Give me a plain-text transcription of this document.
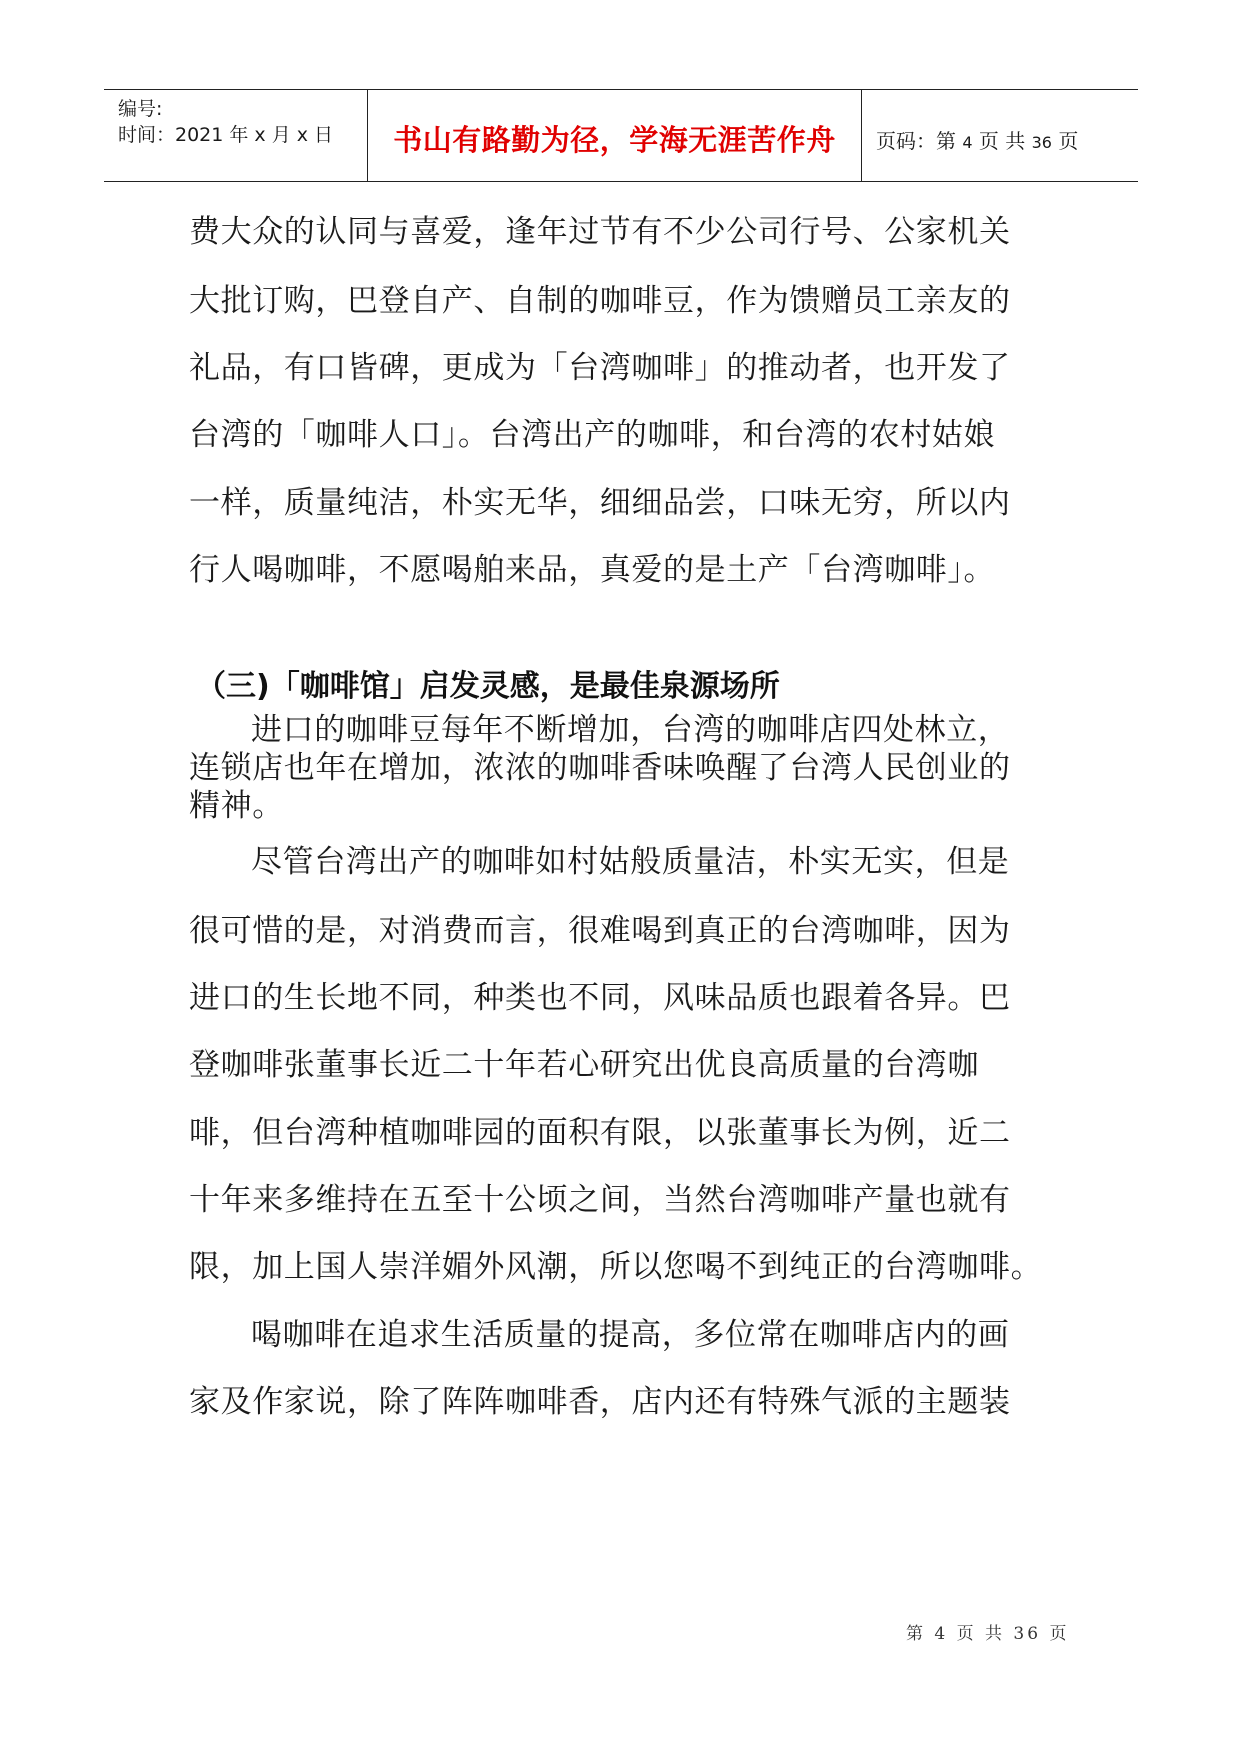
编号:
时间：2021 年 x 月 x 日	书山有路勤为径，学海无涯苦作舟	页码：第 4 页 共 36 页
费大众的认同与喜爱，逢年过节有不少公司行号、公家机关
大批订购，巴登自产、自制的咖啡豆，作为馈赠员工亲友的
礼品，有口皆碑，更成为「台湾咖啡」的推动者，也开发了
台湾的「咖啡人口」。台湾出产的咖啡，和台湾的农村姑娘
一样，质量纯洁，朴实无华，细细品尝，口味无穷，所以内
行人喝咖啡，不愿喝舶来品，真爱的是土产「台湾咖啡」。
（三)「咖啡馆」启发灵感，是最佳泉源场所
进口的咖啡豆每年不断增加，台湾的咖啡店四处林立，
连锁店也年在增加，浓浓的咖啡香味唤醒了台湾人民创业的
精神。
尽管台湾出产的咖啡如村姑般质量洁，朴实无实，但是
很可惜的是，对消费而言，很难喝到真正的台湾咖啡，因为
进口的生长地不同，种类也不同，风味品质也跟着各异。巴
登咖啡张董事长近二十年若心研究出优良高质量的台湾咖
啡，但台湾种植咖啡园的面积有限，以张董事长为例，近二
十年来多维持在五至十公顷之间，当然台湾咖啡产量也就有
限，加上国人崇洋媚外风潮，所以您喝不到纯正的台湾咖啡。
喝咖啡在追求生活质量的提高，多位常在咖啡店内的画
家及作家说，除了阵阵咖啡香，店内还有特殊气派的主题装
第 4 页 共 36 页
